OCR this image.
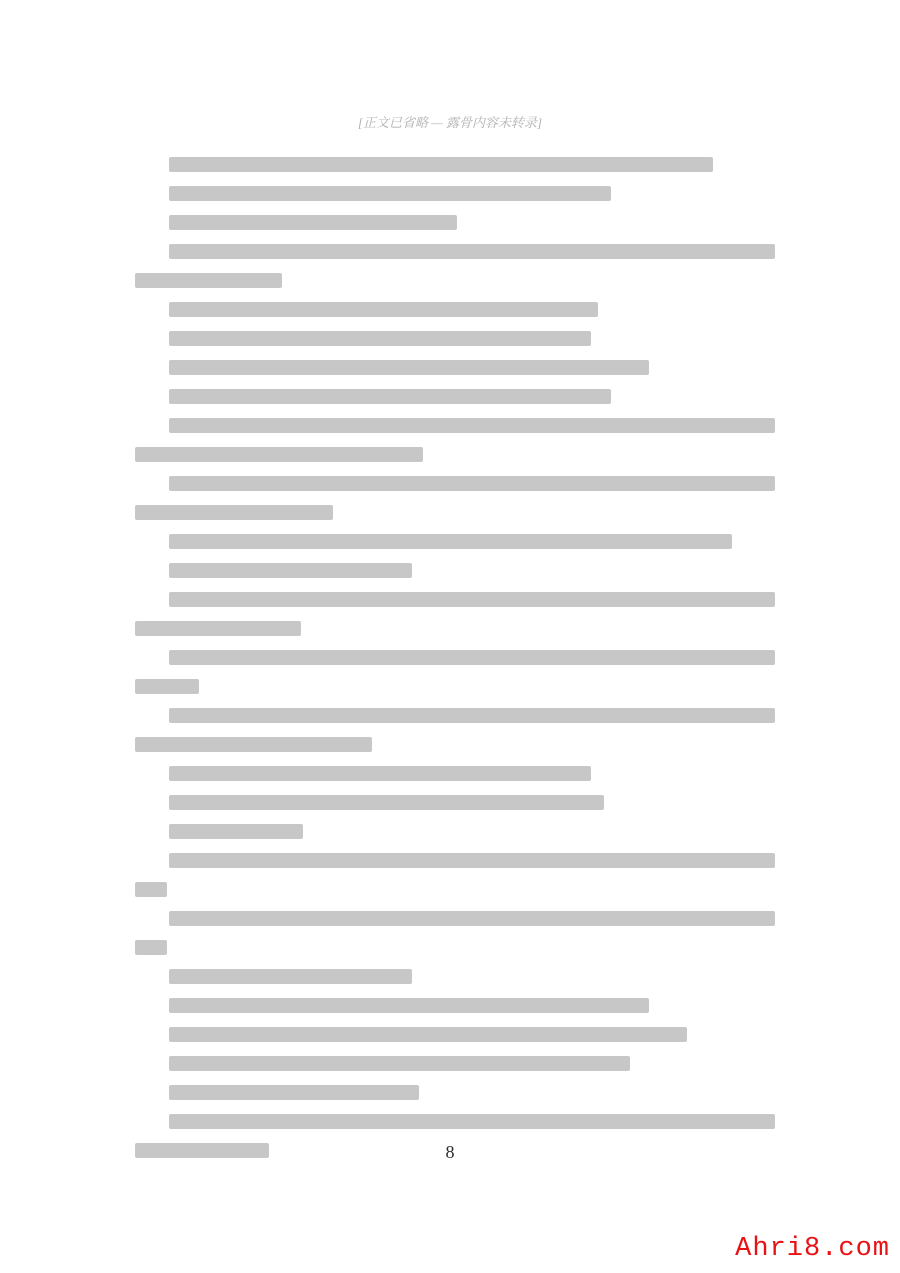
[正文已省略 — 露骨内容未转录]
8
Ahri8.com
